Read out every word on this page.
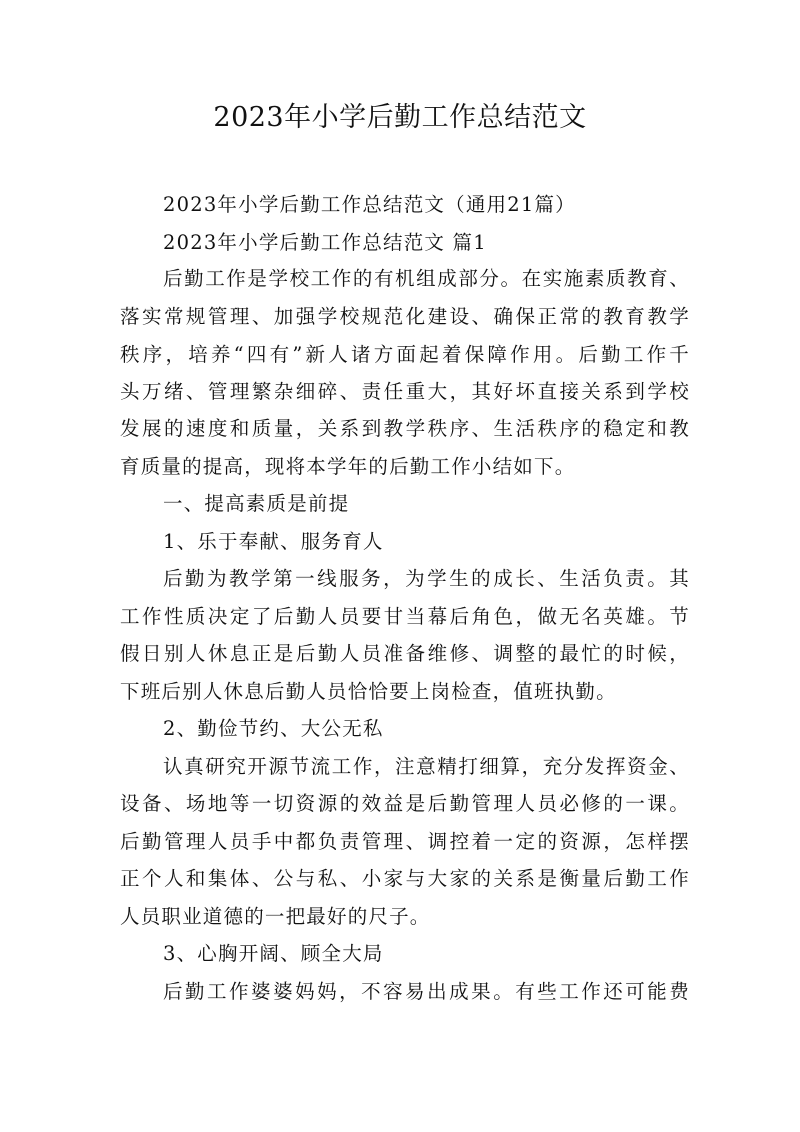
2023年小学后勤工作总结范文
2023年小学后勤工作总结范文（通用21篇）
2023年小学后勤工作总结范文 篇1
后勤工作是学校工作的有机组成部分。在实施素质教育、
落实常规管理、加强学校规范化建设、确保正常的教育教学
秩序，培养“四有”新人诸方面起着保障作用。后勤工作千
头万绪、管理繁杂细碎、责任重大，其好坏直接关系到学校
发展的速度和质量，关系到教学秩序、生活秩序的稳定和教
育质量的提高，现将本学年的后勤工作小结如下。
一、提高素质是前提
1、乐于奉献、服务育人
后勤为教学第一线服务，为学生的成长、生活负责。其
工作性质决定了后勤人员要甘当幕后角色，做无名英雄。节
假日别人休息正是后勤人员准备维修、调整的最忙的时候，
下班后别人休息后勤人员恰恰要上岗检查，值班执勤。
2、勤俭节约、大公无私
认真研究开源节流工作，注意精打细算，充分发挥资金、
设备、场地等一切资源的效益是后勤管理人员必修的一课。
后勤管理人员手中都负责管理、调控着一定的资源，怎样摆
正个人和集体、公与私、小家与大家的关系是衡量后勤工作
人员职业道德的一把最好的尺子。
3、心胸开阔、顾全大局
后勤工作婆婆妈妈，不容易出成果。有些工作还可能费
